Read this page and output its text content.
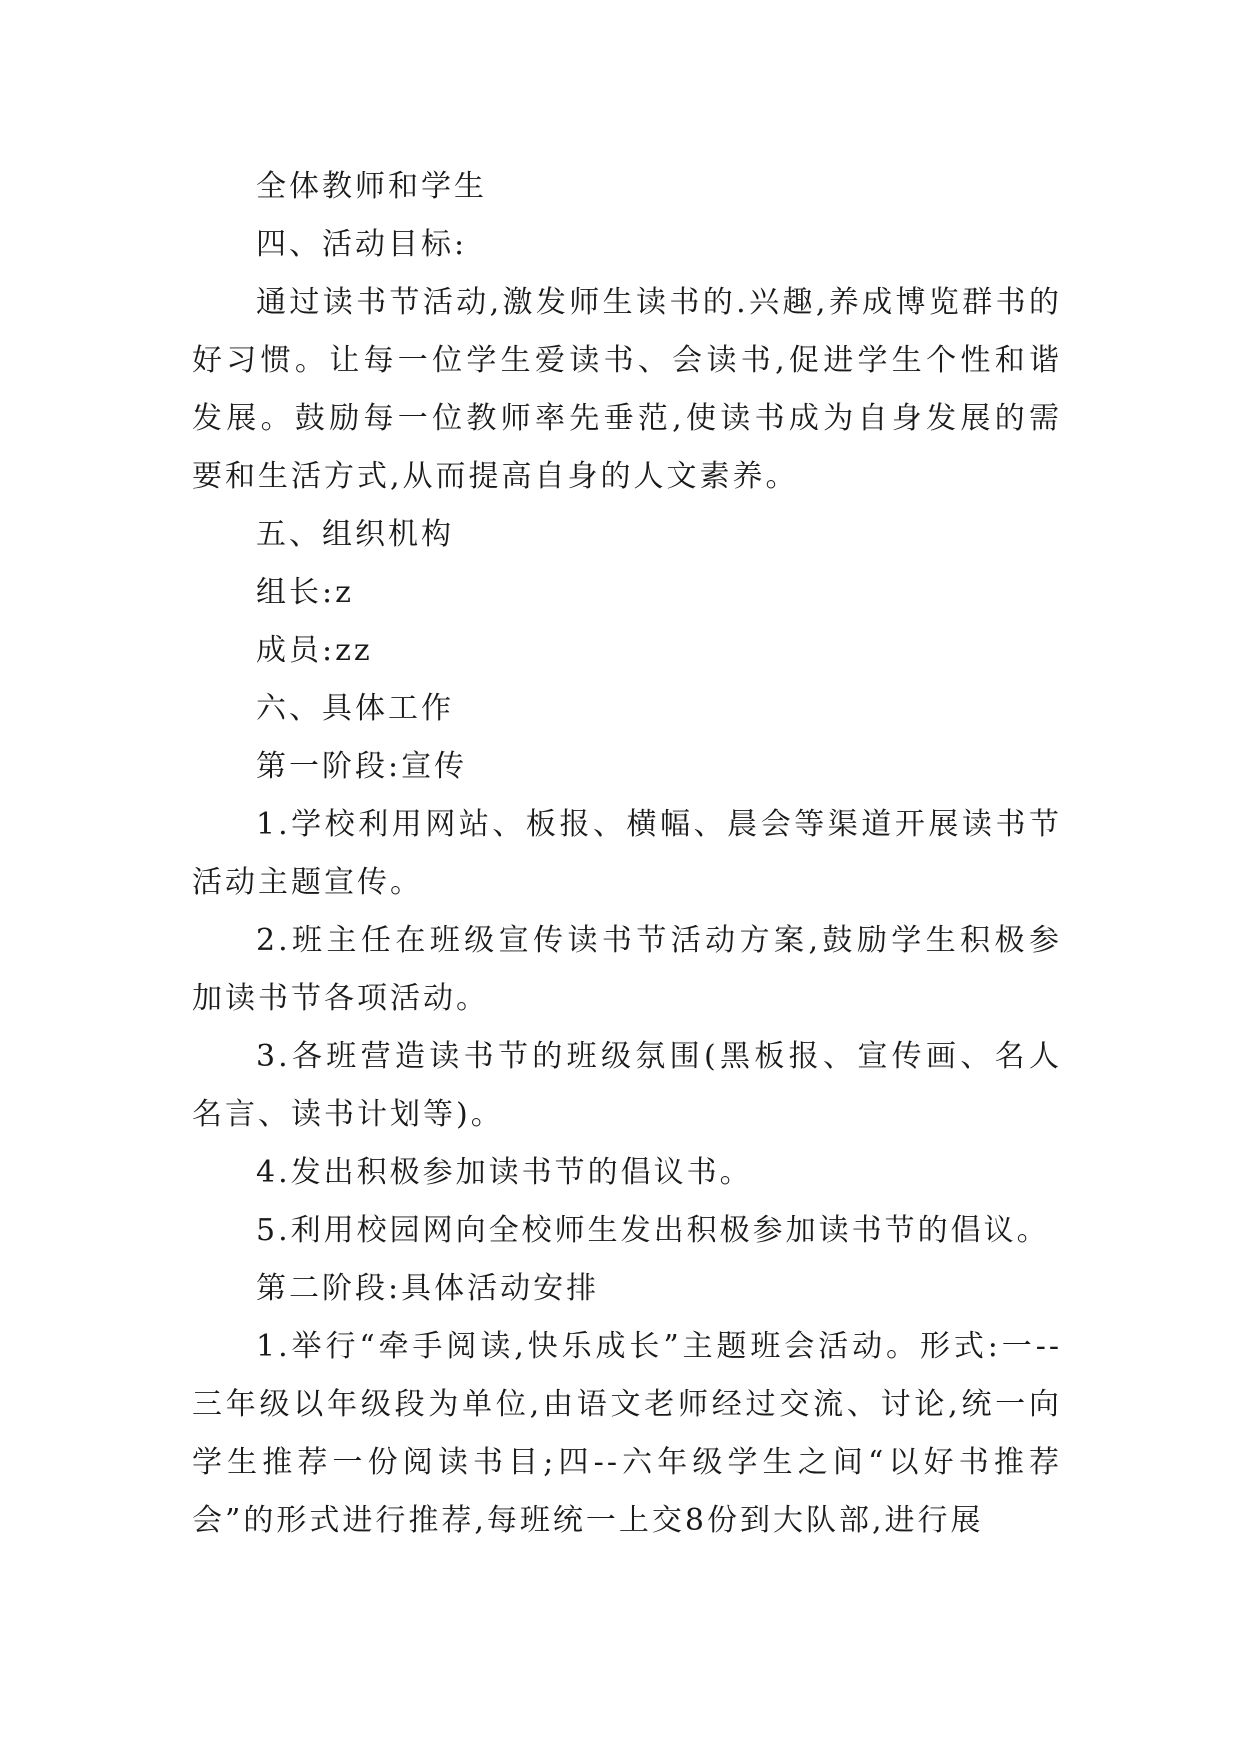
全体教师和学生

四、活动目标:

通过读书节活动,激发师生读书的.兴趣,养成博览群书的好习惯。让每一位学生爱读书、会读书,促进学生个性和谐发展。鼓励每一位教师率先垂范,使读书成为自身发展的需要和生活方式,从而提高自身的人文素养。

五、组织机构

组长:z

成员:zz

六、具体工作

第一阶段:宣传

1.学校利用网站、板报、横幅、晨会等渠道开展读书节活动主题宣传。

2.班主任在班级宣传读书节活动方案,鼓励学生积极参加读书节各项活动。

3.各班营造读书节的班级氛围(黑板报、宣传画、名人名言、读书计划等)。

4.发出积极参加读书节的倡议书。

5.利用校园网向全校师生发出积极参加读书节的倡议。

第二阶段:具体活动安排

1.举行“牵手阅读,快乐成长”主题班会活动。形式:一--三年级以年级段为单位,由语文老师经过交流、讨论,统一向学生推荐一份阅读书目;四--六年级学生之间“以好书推荐会”的形式进行推荐,每班统一上交8份到大队部,进行展
